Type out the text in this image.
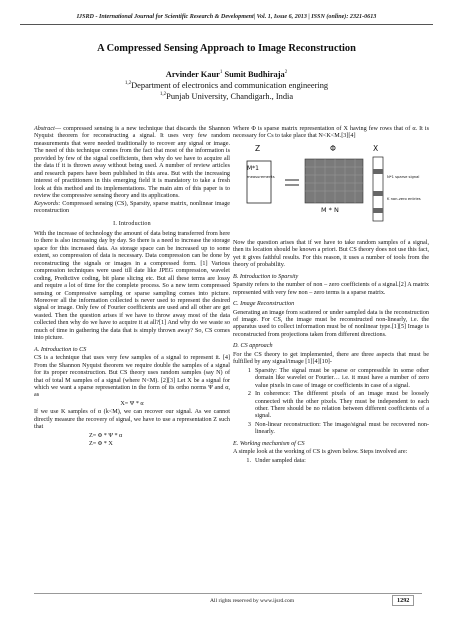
IJSRD - International Journal for Scientific Research & Development| Vol. 1, Issue 6, 2013 | ISSN (online): 2321-0613
A Compressed Sensing Approach to Image Reconstruction
Arvinder Kaur$^1$ Sumit Budhiraja$^2$
$^{1,2}$Department of electronics and communication engineering
$^{1,2}$Punjab University, Chandigarh., India

Abstract— compressed sensing is a new technique that discards the Shannon Nyquist theorem for reconstructing a signal. It uses very few random measurements that were needed traditionally to recover any signal or image. The need of this technique comes from the fact that most of the information is provided by few of the signal coefficients, then why do we have to acquire all the data if it is thrown away without being used. A number of review articles and research papers have been published in this area. But with the increasing interest of practitioners in this emerging field it is mandatory to take a fresh look at this method and its implementations. The main aim of this paper is to review the compressive sensing theory and its applications.

Keywords: Compressed sensing (CS), Sparsity, sparse matrix, nonlinear image reconstruction

I. Introduction

With the increase of technology the amount of data being transferred from here to there is also increasing day by day. So there is a need to increase the storage space for this increased data. As storage space can be increased up to some extent, so compression of data is necessary. Data compression can be done by reconstructing the signals or images in a compressed form. [1] Various compression techniques were used till date like JPEG compression, wavelet coding, Predictive coding, bit plane slicing etc. But all these terms are lossy and require a lot of time for the complete process. So a new term compressed sensing or Compressive sampling or sparse sampling comes into picture. Moreover all the information collected is never used to represent the desired signal or image. Only few of Fourier coefficients are used and all other are get wasted. Then the question arises if we have to throw away most of the data collected then why do we have to acquire it at all?[1] And why do we waste so much of time in gathering the data that is simply thrown away? So, CS comes into picture.

A. Introduction to CS

CS is a technique that uses very few samples of a signal to represent it. [4] From the Shannon Nyquist theorem we require double the samples of a signal for its proper reconstruction. But CS theory uses random samples (say N) of that of total M samples of a signal (where N<M). [2][3] Let X be a signal for which we want a sparse representation in the form of its ortho norms Ψ and α, as

X= Ψ * α

If we use K samples of α (k<M), we can recover our signal. As we cannot directly measure the recovery of signal, we have to use a representation Z such that

Z= Φ * Ψ * α
Z= Φ * X

Where Φ is sparse matrix representation of X having few rows that of α. It is necessary for Cs to take place that N<K<M.[3][4]

Z	Φ	X
M*1
measurements
M * N
N*1 sparse signal
K non-zero entries

Now the question arises that if we have to take random samples of a signal, then its location should be known a priori. But CS theory does not use this fact, yet it gives faithful results. For this reason, it uses a number of tools from the theory of probability.

B. Introduction to Sparsity

Sparsity refers to the number of non – zero coefficients of a signal.[2] A matrix represented with very few non – zero terms is a sparse matrix.

C. Image Reconstruction

Generating an image from scattered or under sampled data is the reconstruction of image. For CS, the image must be reconstructed non-linearly, i.e. the apparatus used to collect information must be of nonlinear type.[1][5] Image is reconstructed from projections taken from different directions.

D. CS approach

For the CS theory to get implemented, there are three aspects that must be fulfilled by any signal/image [1][4][10]-

1 Sparsity: The signal must be sparse or compressible in some other domain like wavelet or Fourier… i.e. it must have a number of zero value pixels in case of image or coefficients in case of a signal.
2 In coherence: The different pixels of an image must be loosely connected with the other pixels. They must be independent to each other. There should be no relation between different coefficients of a signal.
3 Non-linear reconstruction: The image/signal must be recovered non-linearly.
E. Working mechanism of CS

A simple look at the working of CS is given below. Steps involved are:

1. Under sampled data:
All rights reserved by www.ijsrd.com	1292
